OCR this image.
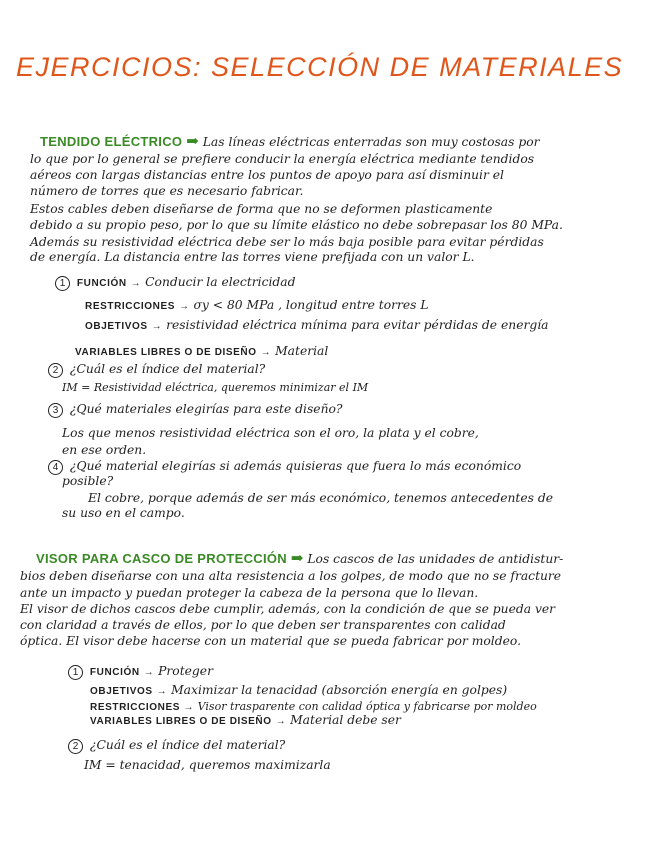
EJERCICIOS: SELECCIÓN DE MATERIALES
TENDIDO ELÉCTRICO ➡ Las líneas eléctricas enterradas son muy costosas por
lo que por lo general se prefiere conducir la energía eléctrica mediante tendidos
aéreos con largas distancias entre los puntos de apoyo para así disminuir el
número de torres que es necesario fabricar.
Estos cables deben diseñarse de forma que no se deformen plasticamente
debido a su propio peso, por lo que su límite elástico no debe sobrepasar los 80 MPa.
Además su resistividad eléctrica debe ser lo más baja posible para evitar pérdidas
de energía. La distancia entre las torres viene prefijada con un valor L.
1 FUNCIÓN → Conducir la electricidad
RESTRICCIONES → σy < 80 MPa , longitud entre torres L
OBJETIVOS → resistividad eléctrica mínima para evitar pérdidas de energía
VARIABLES LIBRES O DE DISEÑO → Material
2 ¿Cuál es el índice del material?
IM = Resistividad eléctrica, queremos minimizar el IM
3 ¿Qué materiales elegirías para este diseño?
Los que menos resistividad eléctrica son el oro, la plata y el cobre,
en ese orden.
4 ¿Qué material elegirías si además quisieras que fuera lo más económico
posible?
El cobre, porque además de ser más económico, tenemos antecedentes de
su uso en el campo.
VISOR PARA CASCO DE PROTECCIÓN ➡ Los cascos de las unidades de antidistur-
bios deben diseñarse con una alta resistencia a los golpes, de modo que no se fracture
ante un impacto y puedan proteger la cabeza de la persona que lo llevan.
El visor de dichos cascos debe cumplir, además, con la condición de que se pueda ver
con claridad a través de ellos, por lo que deben ser transparentes con calidad
óptica. El visor debe hacerse con un material que se pueda fabricar por moldeo.
1 FUNCIÓN → Proteger
OBJETIVOS → Maximizar la tenacidad (absorción energía en golpes)
RESTRICCIONES → Visor trasparente con calidad óptica y fabricarse por moldeo
VARIABLES LIBRES O DE DISEÑO → Material debe ser
2 ¿Cuál es el índice del material?
IM = tenacidad, queremos maximizarla
